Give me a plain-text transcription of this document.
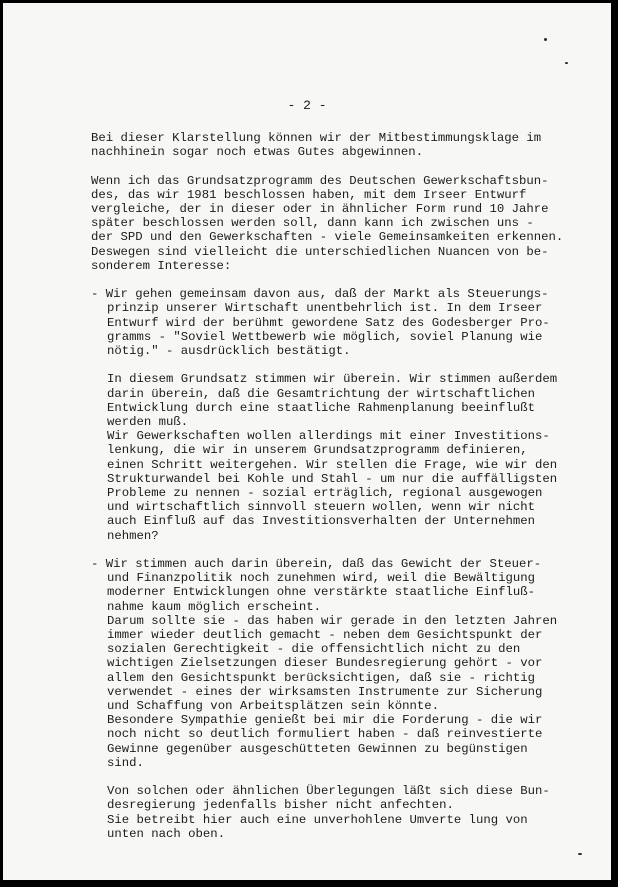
- 2 -
Bei dieser Klarstellung können wir der Mitbestimmungsklage im
nachhinein sogar noch etwas Gutes abgewinnen.
Wenn ich das Grundsatzprogramm des Deutschen Gewerkschaftsbun-
des, das wir 1981 beschlossen haben, mit dem Irseer Entwurf
vergleiche, der in dieser oder in ähnlicher Form rund 10 Jahre
später beschlossen werden soll, dann kann ich zwischen uns -
der SPD und den Gewerkschaften - viele Gemeinsamkeiten erkennen.
Deswegen sind vielleicht die unterschiedlichen Nuancen von be-
sonderem Interesse:
- Wir gehen gemeinsam davon aus, daß der Markt als Steuerungs-
prinzip unserer Wirtschaft unentbehrlich ist. In dem Irseer
Entwurf wird der berühmt gewordene Satz des Godesberger Pro-
gramms - "Soviel Wettbewerb wie möglich, soviel Planung wie
nötig." - ausdrücklich bestätigt.
In diesem Grundsatz stimmen wir überein. Wir stimmen außerdem
darin überein, daß die Gesamtrichtung der wirtschaftlichen
Entwicklung durch eine staatliche Rahmenplanung beeinflußt
werden muß.
Wir Gewerkschaften wollen allerdings mit einer Investitions-
lenkung, die wir in unserem Grundsatzprogramm definieren,
einen Schritt weitergehen. Wir stellen die Frage, wie wir den
Strukturwandel bei Kohle und Stahl - um nur die auffälligsten
Probleme zu nennen - sozial erträglich, regional ausgewogen
und wirtschaftlich sinnvoll steuern wollen, wenn wir nicht
auch Einfluß auf das Investitionsverhalten der Unternehmen
nehmen?
- Wir stimmen auch darin überein, daß das Gewicht der Steuer-
und Finanzpolitik noch zunehmen wird, weil die Bewältigung
moderner Entwicklungen ohne verstärkte staatliche Einfluß-
nahme kaum möglich erscheint.
Darum sollte sie - das haben wir gerade in den letzten Jahren
immer wieder deutlich gemacht - neben dem Gesichtspunkt der
sozialen Gerechtigkeit - die offensichtlich nicht zu den
wichtigen Zielsetzungen dieser Bundesregierung gehört - vor
allem den Gesichtspunkt berücksichtigen, daß sie - richtig
verwendet - eines der wirksamsten Instrumente zur Sicherung
und Schaffung von Arbeitsplätzen sein könnte.
Besondere Sympathie genießt bei mir die Forderung - die wir
noch nicht so deutlich formuliert haben - daß reinvestierte
Gewinne gegenüber ausgeschütteten Gewinnen zu begünstigen
sind.
Von solchen oder ähnlichen Überlegungen läßt sich diese Bun-
desregierung jedenfalls bisher nicht anfechten.
Sie betreibt hier auch eine unverhohlene Umverte lung von
unten nach oben.
